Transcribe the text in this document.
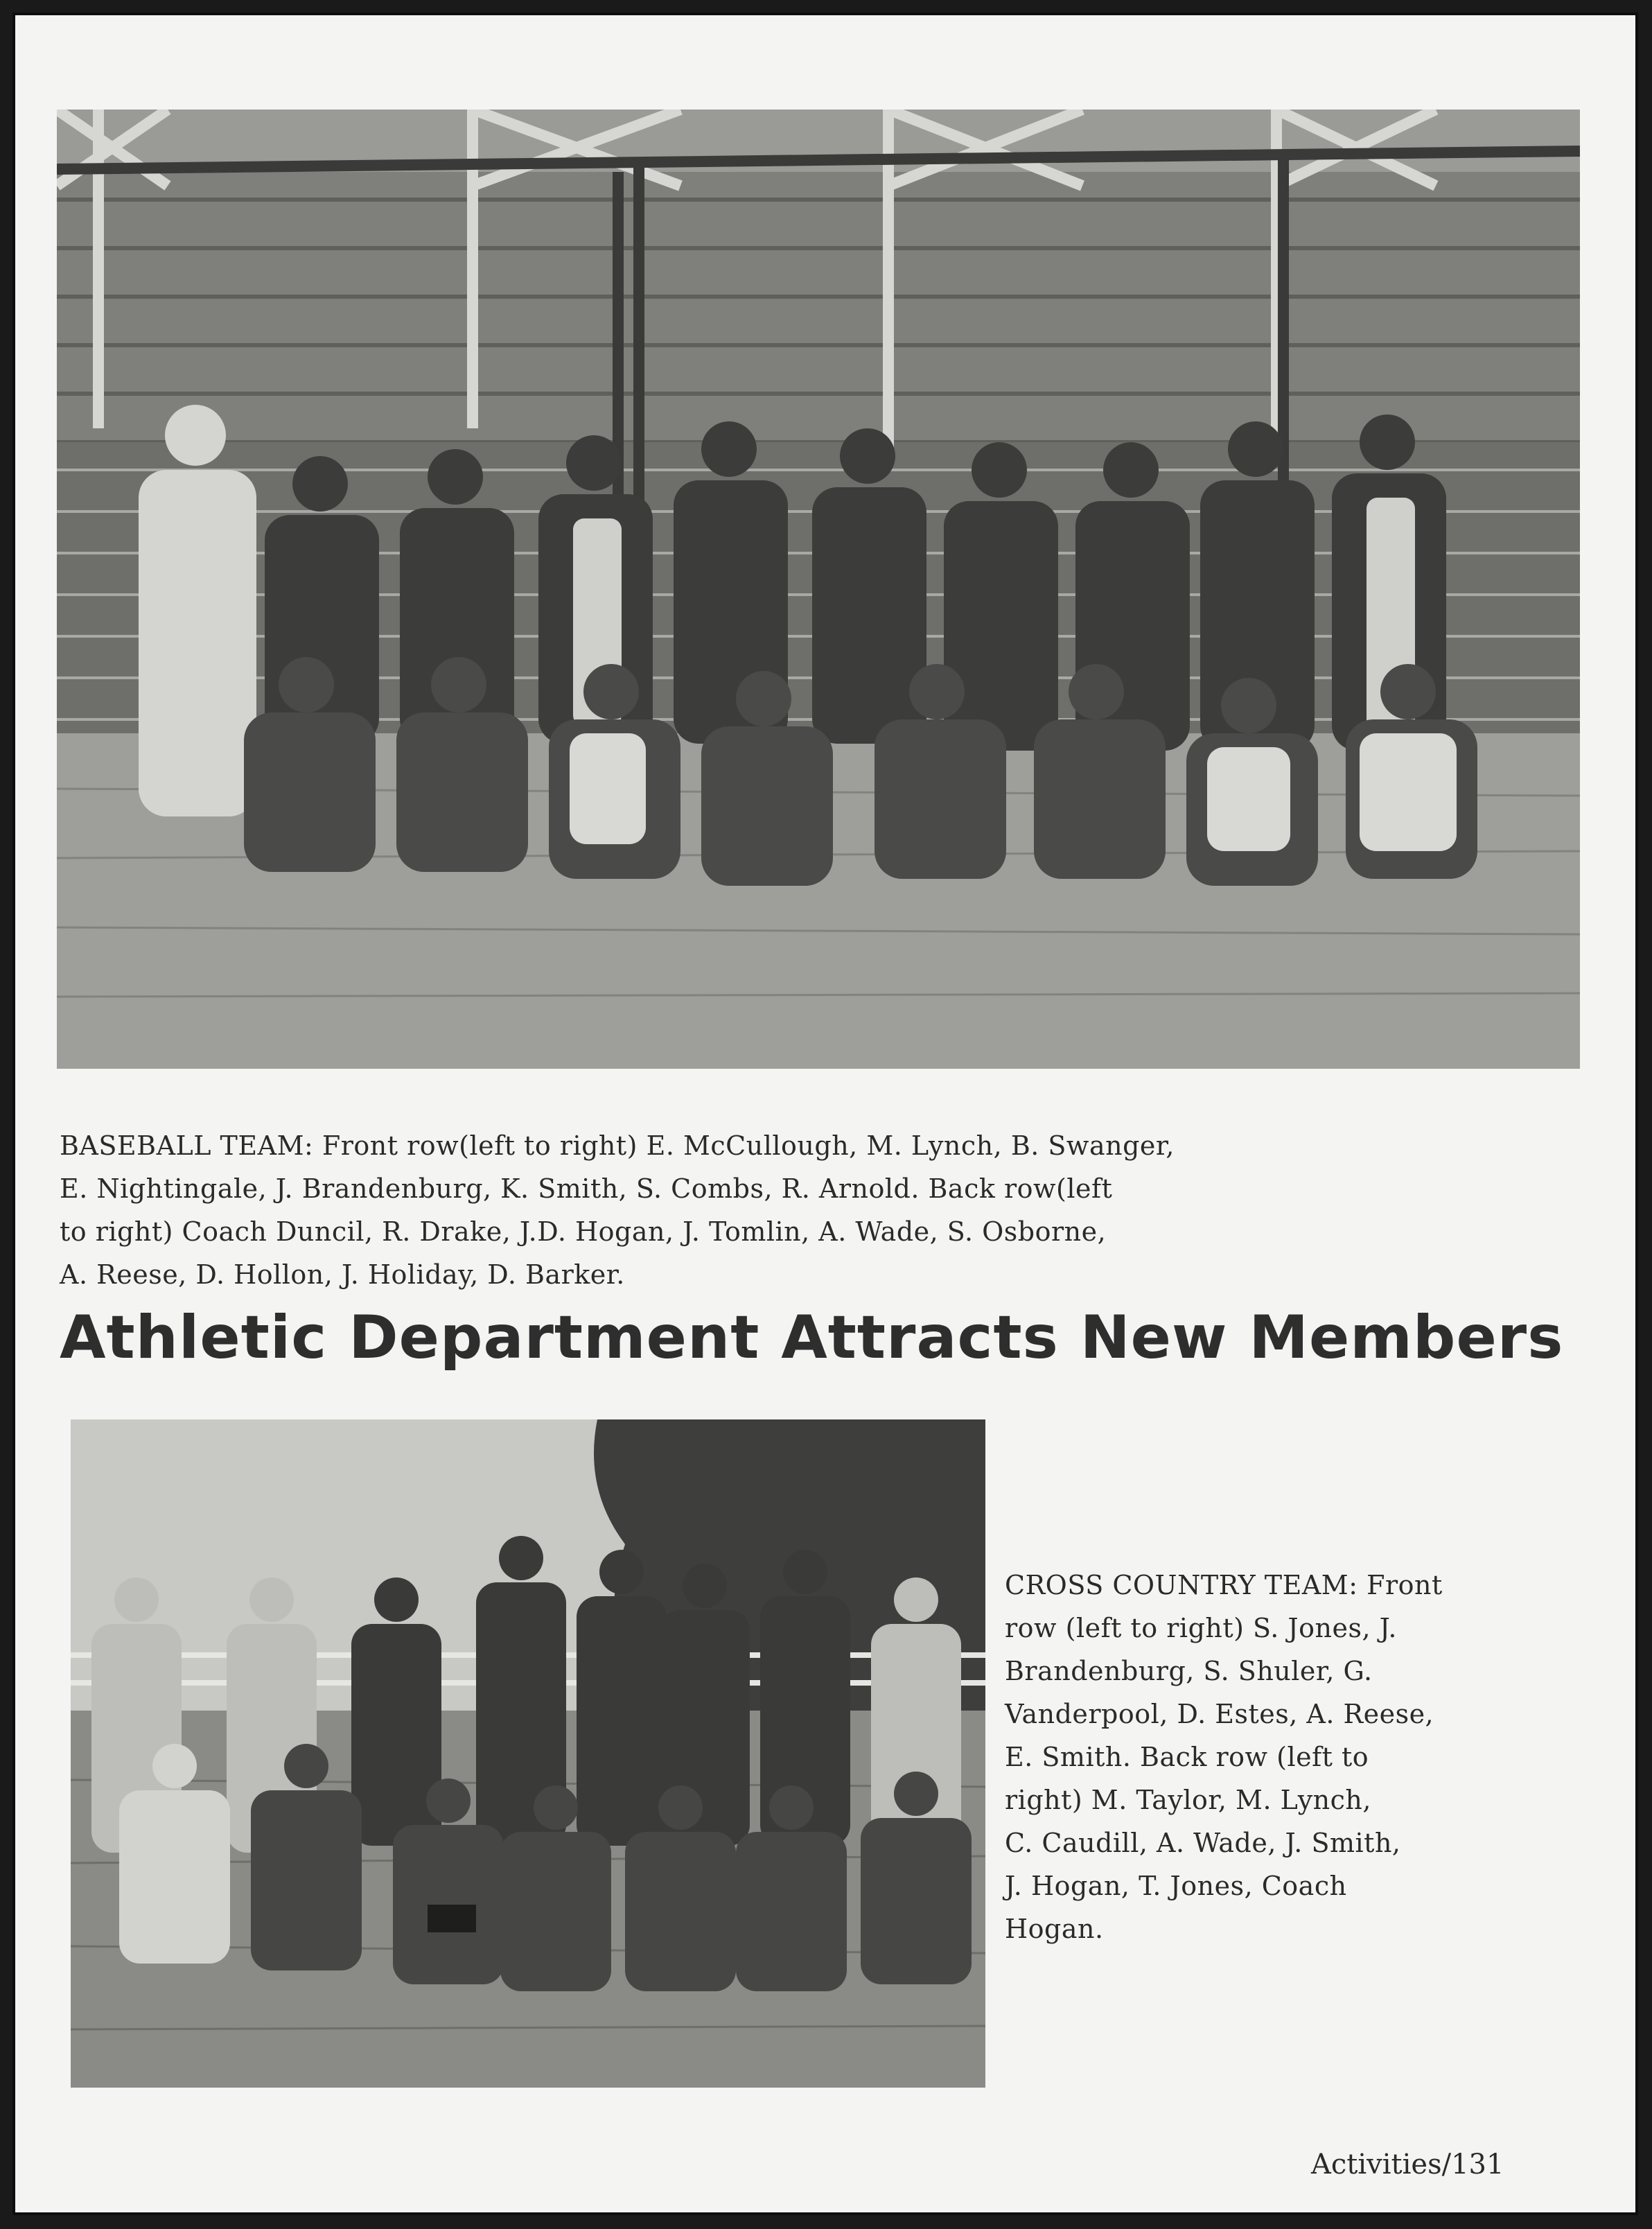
BASEBALL TEAM: Front row(left to right) E. McCullough, M. Lynch, B. Swanger,
E. Nightingale, J. Brandenburg, K. Smith, S. Combs, R. Arnold. Back row(left
to right) Coach Duncil, R. Drake, J.D. Hogan, J. Tomlin, A. Wade, S. Osborne,
A. Reese, D. Hollon, J. Holiday, D. Barker.

Athletic Department Attracts New Members

CROSS COUNTRY TEAM: Front
row (left to right) S. Jones, J.
Brandenburg, S. Shuler, G.
Vanderpool, D. Estes, A. Reese,
E. Smith. Back row (left to
right) M. Taylor, M. Lynch,
C. Caudill, A. Wade, J. Smith,
J. Hogan, T. Jones, Coach
Hogan.

Activities/131
